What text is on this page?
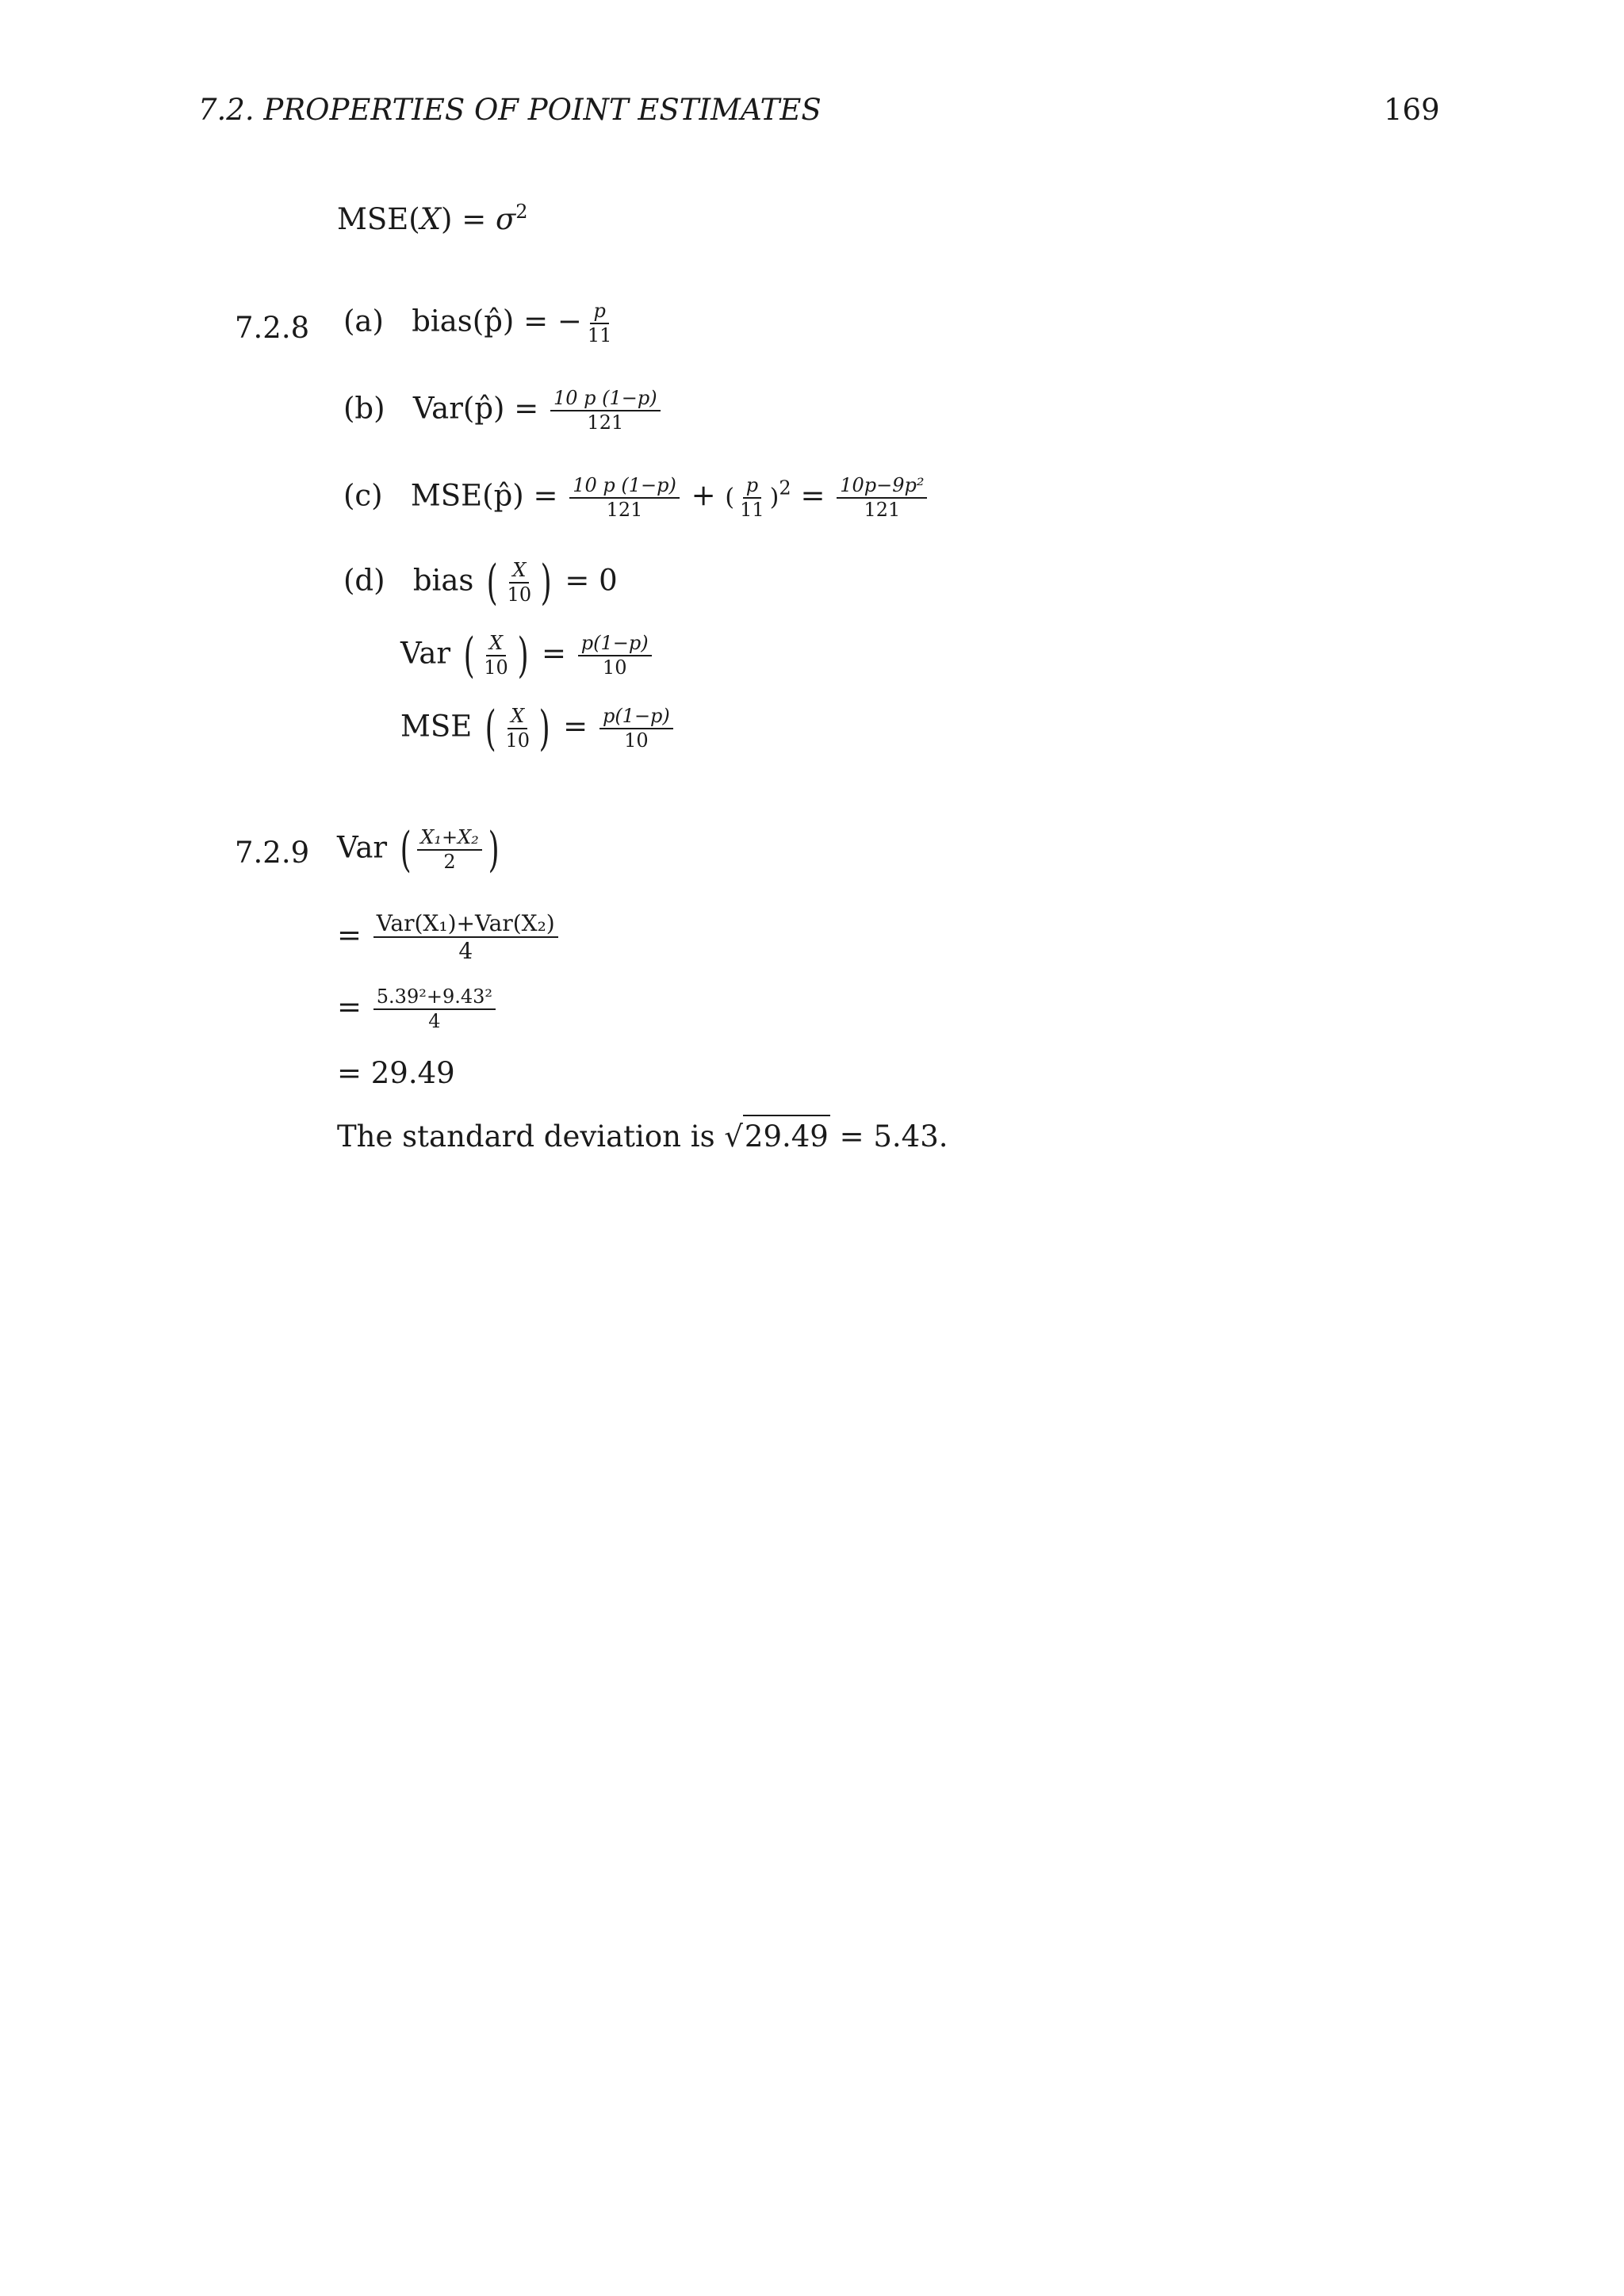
7.2. PROPERTIES OF POINT ESTIMATES	169
$MSE(X) = \sigma^2$
7.2.8 (a) bias(p̂) = − $\frac{p}{11}$
(b) Var(p̂) = $\frac{10 p (1-p)}{121}$
(c) MSE(p̂) = $\frac{10 p (1-p)}{121}$ + ( $\frac{p}{11} )^2 = \frac{\text{10p−9p²}}{121}$
(d) bias ( $\frac{X}{10}$ ) = 0
Var ( $\frac{X}{10}$ ) = $\frac{p(1-p)}{10}$
MSE ( $\frac{X}{10}$ ) = $\frac{p(1-p)}{10}$
7.2.9 Var ( $\frac{\text{X₁+X₂}}{2}$ )
= $\frac{\text{Var(X₁)+Var(X₂)}}{4}$
= $\frac{\text{5.39²+9.43²}}{4}$
= 29.49
The standard deviation is √29.49 = 5.43.
